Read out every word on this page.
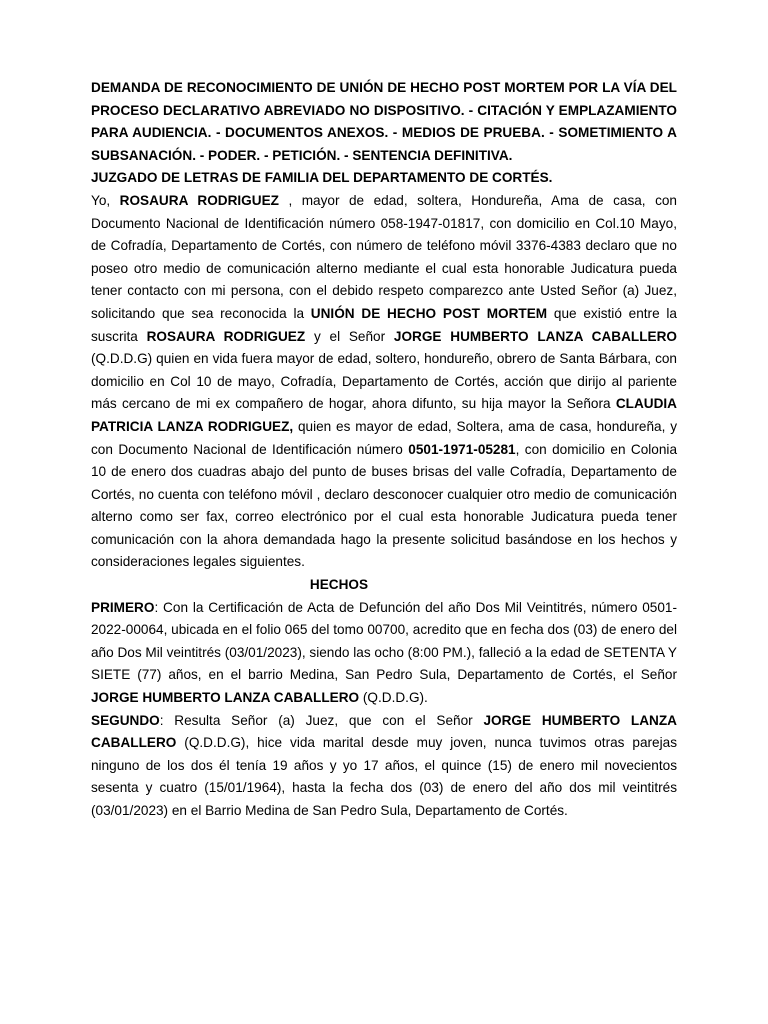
DEMANDA DE RECONOCIMIENTO DE UNIÓN DE HECHO POST MORTEM POR LA VÍA DEL PROCESO DECLARATIVO ABREVIADO NO DISPOSITIVO. - CITACIÓN Y EMPLAZAMIENTO PARA AUDIENCIA. - DOCUMENTOS ANEXOS. - MEDIOS DE PRUEBA. - SOMETIMIENTO A SUBSANACIÓN. - PODER. - PETICIÓN. - SENTENCIA DEFINITIVA.

JUZGADO DE LETRAS DE FAMILIA DEL DEPARTAMENTO DE CORTÉS.

Yo, ROSAURA RODRIGUEZ , mayor de edad, soltera, Hondureña, Ama de casa, con Documento Nacional de Identificación número 058-1947-01817, con domicilio en Col.10 Mayo, de Cofradía, Departamento de Cortés, con número de teléfono móvil 3376-4383 declaro que no poseo otro medio de comunicación alterno mediante el cual esta honorable Judicatura pueda tener contacto con mi persona, con el debido respeto comparezco ante Usted Señor (a) Juez, solicitando que sea reconocida la UNIÓN DE HECHO POST MORTEM que existió entre la suscrita ROSAURA RODRIGUEZ y el Señor JORGE HUMBERTO LANZA CABALLERO (Q.D.D.G) quien en vida fuera mayor de edad, soltero, hondureño, obrero de Santa Bárbara, con domicilio en Col 10 de mayo, Cofradía, Departamento de Cortés, acción que dirijo al pariente más cercano de mi ex compañero de hogar, ahora difunto, su hija mayor la Señora CLAUDIA PATRICIA LANZA RODRIGUEZ, quien es mayor de edad, Soltera, ama de casa, hondureña, y con Documento Nacional de Identificación número 0501-1971-05281, con domicilio en Colonia 10 de enero dos cuadras abajo del punto de buses brisas del valle Cofradía, Departamento de Cortés, no cuenta con teléfono móvil , declaro desconocer cualquier otro medio de comunicación alterno como ser fax, correo electrónico por el cual esta honorable Judicatura pueda tener comunicación con la ahora demandada hago la presente solicitud basándose en los hechos y consideraciones legales siguientes.

HECHOS

PRIMERO: Con la Certificación de Acta de Defunción del año Dos Mil Veintitrés, número 0501-2022-00064, ubicada en el folio 065 del tomo 00700, acredito que en fecha dos (03) de enero del año Dos Mil veintitrés (03/01/2023), siendo las ocho (8:00 PM.), falleció a la edad de SETENTA Y SIETE (77) años, en el barrio Medina, San Pedro Sula, Departamento de Cortés, el Señor JORGE HUMBERTO LANZA CABALLERO (Q.D.D.G).

SEGUNDO: Resulta Señor (a) Juez, que con el Señor JORGE HUMBERTO LANZA CABALLERO (Q.D.D.G), hice vida marital desde muy joven, nunca tuvimos otras parejas ninguno de los dos él tenía 19 años y yo 17 años, el quince (15) de enero mil novecientos sesenta y cuatro (15/01/1964), hasta la fecha dos (03) de enero del año dos mil veintitrés (03/01/2023) en el Barrio Medina de San Pedro Sula, Departamento de Cortés.
